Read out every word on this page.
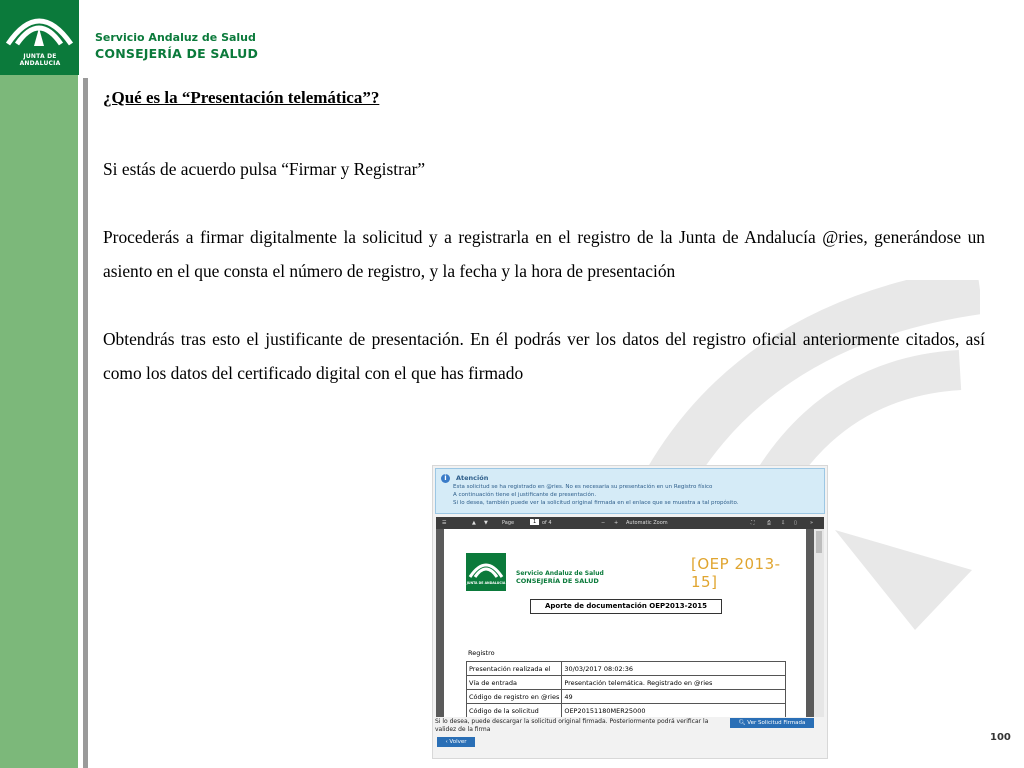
JUNTA DE ANDALUCIA
Servicio Andaluz de Salud
CONSEJERÍA DE SALUD
¿Qué es la “Presentación telemática”?

Si estás de acuerdo pulsa “Firmar y Registrar”

Procederás a firmar digitalmente la solicitud y a registrarla en el registro de la Junta de Andalucía @ries, generándose un asiento en el que consta el número de registro, y la fecha y la hora de presentación

Obtendrás tras esto el justificante de presentación. En él podrás ver los datos del registro oficial anteriormente citados, así como los datos del certificado digital con el que has firmado

i	Atención
Esta solicitud se ha registrado en @ries. No es necesaria su presentación en un Registro físico
A continuación tiene el justificante de presentación.
Si lo desea, también puede ver la solicitud original firmada en el enlace que se muestra a tal propósito.
☰	▲ ▼	Page	1	of 4	− + Automatic Zoom	⛶ ⎙ ⇩ ▯	»
JUNTA DE ANDALUCIA
Servicio Andaluz de Salud
CONSEJERÍA DE SALUD
[OEP 2013-15]
Aporte de documentación OEP2013-2015
Registro
Presentación realizada el	30/03/2017 08:02:36
Vía de entrada	Presentación telemática. Registrado en @ries
Código de registro en @ries	49
Código de la solicitud	OEP20151180MER25000
Si lo desea, puede descargar la solicitud original firmada. Posteriormente podrá verificar la validez de la firma
🔍︎ Ver Solicitud Firmada
‹ Volver	100
